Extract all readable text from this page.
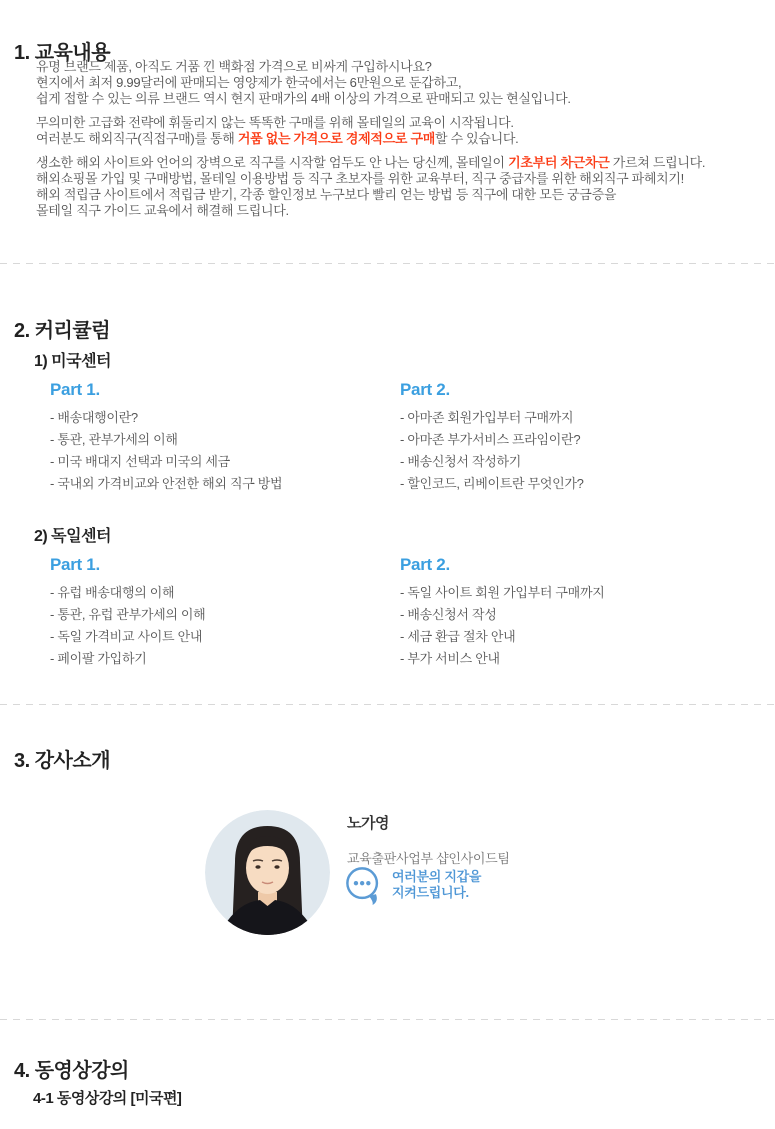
1. 교육내용

유명 브랜드 제품, 아직도 거품 낀 백화점 가격으로 비싸게 구입하시나요?
현지에서 최저 9.99달러에 판매되는 영양제가 한국에서는 6만원으로 둔갑하고,
쉽게 접할 수 있는 의류 브랜드 역시 현지 판매가의 4배 이상의 가격으로 판매되고 있는 현실입니다.

무의미한 고급화 전략에 휘둘리지 않는 똑똑한 구매를 위해 몰테일의 교육이 시작됩니다.
여러분도 해외직구(직접구매)를 통해 거품 없는 가격으로 경제적으로 구매할 수 있습니다.

생소한 해외 사이트와 언어의 장벽으로 직구를 시작할 엄두도 안 나는 당신께, 몰테일이 기초부터 차근차근 가르쳐 드립니다.
해외쇼핑몰 가입 및 구매방법, 몰테일 이용방법 등 직구 초보자를 위한 교육부터, 직구 중급자를 위한 해외직구 파헤치기!
해외 적립금 사이트에서 적립금 받기, 각종 할인정보 누구보다 빨리 얻는 방법 등 직구에 대한 모든 궁금증을
몰테일 직구 가이드 교육에서 해결해 드립니다.

2. 커리큘럼
1) 미국센터
Part 1.
- 배송대행이란?
- 통관, 관부가세의 이해
- 미국 배대지 선택과 미국의 세금
- 국내외 가격비교와 안전한 해외 직구 방법
Part 2.
- 아마존 회원가입부터 구매까지
- 아마존 부가서비스 프라임이란?
- 배송신청서 작성하기
- 할인코드, 리베이트란 무엇인가?
2) 독일센터
Part 1.
- 유럽 배송대행의 이해
- 통관, 유럽 관부가세의 이해
- 독일 가격비교 사이트 안내
- 페이팔 가입하기
Part 2.
- 독일 사이트 회원 가입부터 구매까지
- 배송신청서 작성
- 세금 환급 절차 안내
- 부가 서비스 안내
3. 강사소개
노가영
교육출판사업부 샵인사이드팀
여러분의 지갑을
지켜드립니다.
4. 동영상강의
4-1 동영상강의 [미국편]
